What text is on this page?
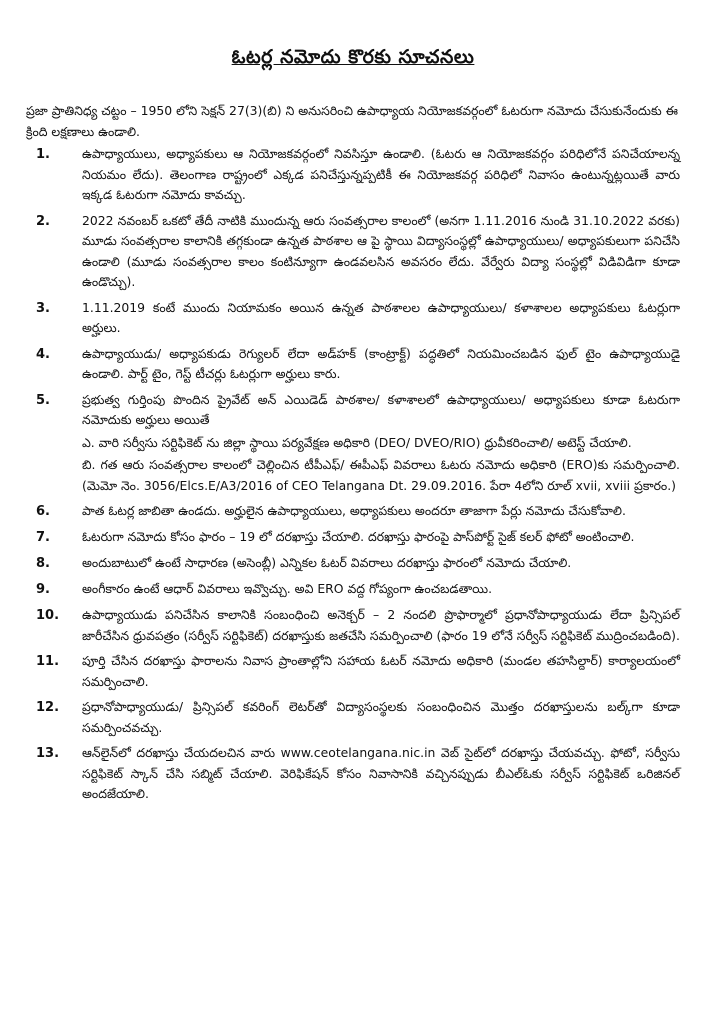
ఓటర్ల నమోదు కొరకు సూచనలు
ప్రజా ప్రాతినిధ్య చట్టం – 1950 లోని సెక్షన్ 27(3)(బి) ని అనుసరించి ఉపాధ్యాయ నియోజకవర్గంలో ఓటరుగా నమోదు చేసుకునేందుకు ఈ క్రింది లక్షణాలు ఉండాలి.
1.	ఉపాధ్యాయులు, అధ్యాపకులు ఆ నియోజకవర్గంలో నివసిస్తూ ఉండాలి. (ఓటరు ఆ నియోజకవర్గం పరిధిలోనే పనిచేయాలన్న నియమం లేదు). తెలంగాణ రాష్ట్రంలో ఎక్కడ పనిచేస్తున్నప్పటికీ ఈ నియోజకవర్గ పరిధిలో నివాసం ఉంటున్నట్లయితే వారు ఇక్కడ ఓటరుగా నమోదు కావచ్చు.
2.	2022 నవంబర్ ఒకటో తేదీ నాటికి ముందున్న ఆరు సంవత్సరాల కాలంలో (అనగా 1.11.2016 నుండి 31.10.2022 వరకు) మూడు సంవత్సరాల కాలానికి తగ్గకుండా ఉన్నత పాఠశాల ఆ పై స్థాయి విద్యాసంస్థల్లో ఉపాధ్యాయులు/ అధ్యాపకులుగా పనిచేసి ఉండాలి (మూడు సంవత్సరాల కాలం కంటిన్యూగా ఉండవలసిన అవసరం లేదు. వేర్వేరు విద్యా సంస్థల్లో విడివిడిగా కూడా ఉండొచ్చు).
3.	1.11.2019 కంటే ముందు నియామకం అయిన ఉన్నత పాఠశాలల ఉపాధ్యాయులు/ కళాశాలల అధ్యాపకులు ఓటర్లుగా అర్హులు.
4.	ఉపాధ్యాయుడు/ అధ్యాపకుడు రెగ్యులర్ లేదా అడ్‌హక్ (కాంట్రాక్ట్) పద్ధతిలో నియమించబడిన ఫుల్ టైం ఉపాధ్యాయుడై ఉండాలి. పార్ట్ టైం, గెస్ట్ టీచర్లు ఓటర్లుగా అర్హులు కారు.
5.	ప్రభుత్వ గుర్తింపు పొందిన ప్రైవేట్ అన్ ఎయిడెడ్ పాఠశాల/ కళాశాలలో ఉపాధ్యాయులు/ అధ్యాపకులు కూడా ఓటరుగా నమోదుకు అర్హులు అయితే
ఎ. వారి సర్వీసు సర్టిఫికెట్ ను జిల్లా స్థాయి పర్యవేక్షణ అధికారి (DEO/ DVEO/RIO) ధ్రువీకరించాలి/ అటెస్ట్ చేయాలి.
బి. గత ఆరు సంవత్సరాల కాలంలో చెల్లించిన టీపీఎఫ్/ ఈపీఎఫ్ వివరాలు ఓటరు నమోదు అధికారి (ERO)కు సమర్పించాలి. (మెమో నెం. 3056/Elcs.E/A3/2016 of CEO Telangana Dt. 29.09.2016. పేరా 4లోని రూల్ xvii, xviii ప్రకారం.)
6.	పాత ఓటర్ల జాబితా ఉండదు. అర్హులైన ఉపాధ్యాయులు, అధ్యాపకులు అందరూ తాజాగా పేర్లు నమోదు చేసుకోవాలి.
7.	ఓటరుగా నమోదు కోసం ఫారం – 19 లో దరఖాస్తు చేయాలి. దరఖాస్తు ఫారంపై పాస్‌పోర్ట్ సైజ్ కలర్ ఫోటో అంటించాలి.
8.	అందుబాటులో ఉంటే సాధారణ (అసెంబ్లీ) ఎన్నికల ఓటర్ వివరాలు దరఖాస్తు ఫారంలో నమోదు చేయాలి.
9.	అంగీకారం ఉంటే ఆధార్ వివరాలు ఇవ్వొచ్చు. అవి ERO వద్ద గోప్యంగా ఉంచబడతాయి.
10.	ఉపాధ్యాయుడు పనిచేసిన కాలానికి సంబంధించి అనెక్చర్ – 2 నందలి ప్రొఫార్మాలో ప్రధానోపాధ్యాయుడు లేదా ప్రిన్సిపల్ జారీచేసిన ధ్రువపత్రం (సర్వీస్ సర్టిఫికెట్) దరఖాస్తుకు జతచేసి సమర్పించాలి (ఫారం 19 లోనే సర్వీస్ సర్టిఫికెట్ ముద్రించబడింది).
11.	పూర్తి చేసిన దరఖాస్తు ఫారాలను నివాస ప్రాంతాల్లోని సహాయ ఓటర్ నమోదు అధికారి (మండల తహసిల్దార్) కార్యాలయంలో సమర్పించాలి.
12.	ప్రధానోపాధ్యాయుడు/ ప్రిన్సిపల్ కవరింగ్ లెటర్‌తో విద్యాసంస్థలకు సంబంధించిన మొత్తం దరఖాస్తులను బల్క్‌గా కూడా సమర్పించవచ్చు.
13.	ఆన్‌లైన్‌లో దరఖాస్తు చేయదలచిన వారు www.ceotelangana.nic.in వెబ్ సైట్‌లో దరఖాస్తు చేయవచ్చు. ఫోటో, సర్వీసు సర్టిఫికెట్ స్కాన్ చేసి సబ్మిట్ చేయాలి. వెరిఫికేషన్ కోసం నివాసానికి వచ్చినప్పుడు బీఎల్‌ఓకు సర్వీస్ సర్టిఫికెట్ ఒరిజినల్ అందజేయాలి.
